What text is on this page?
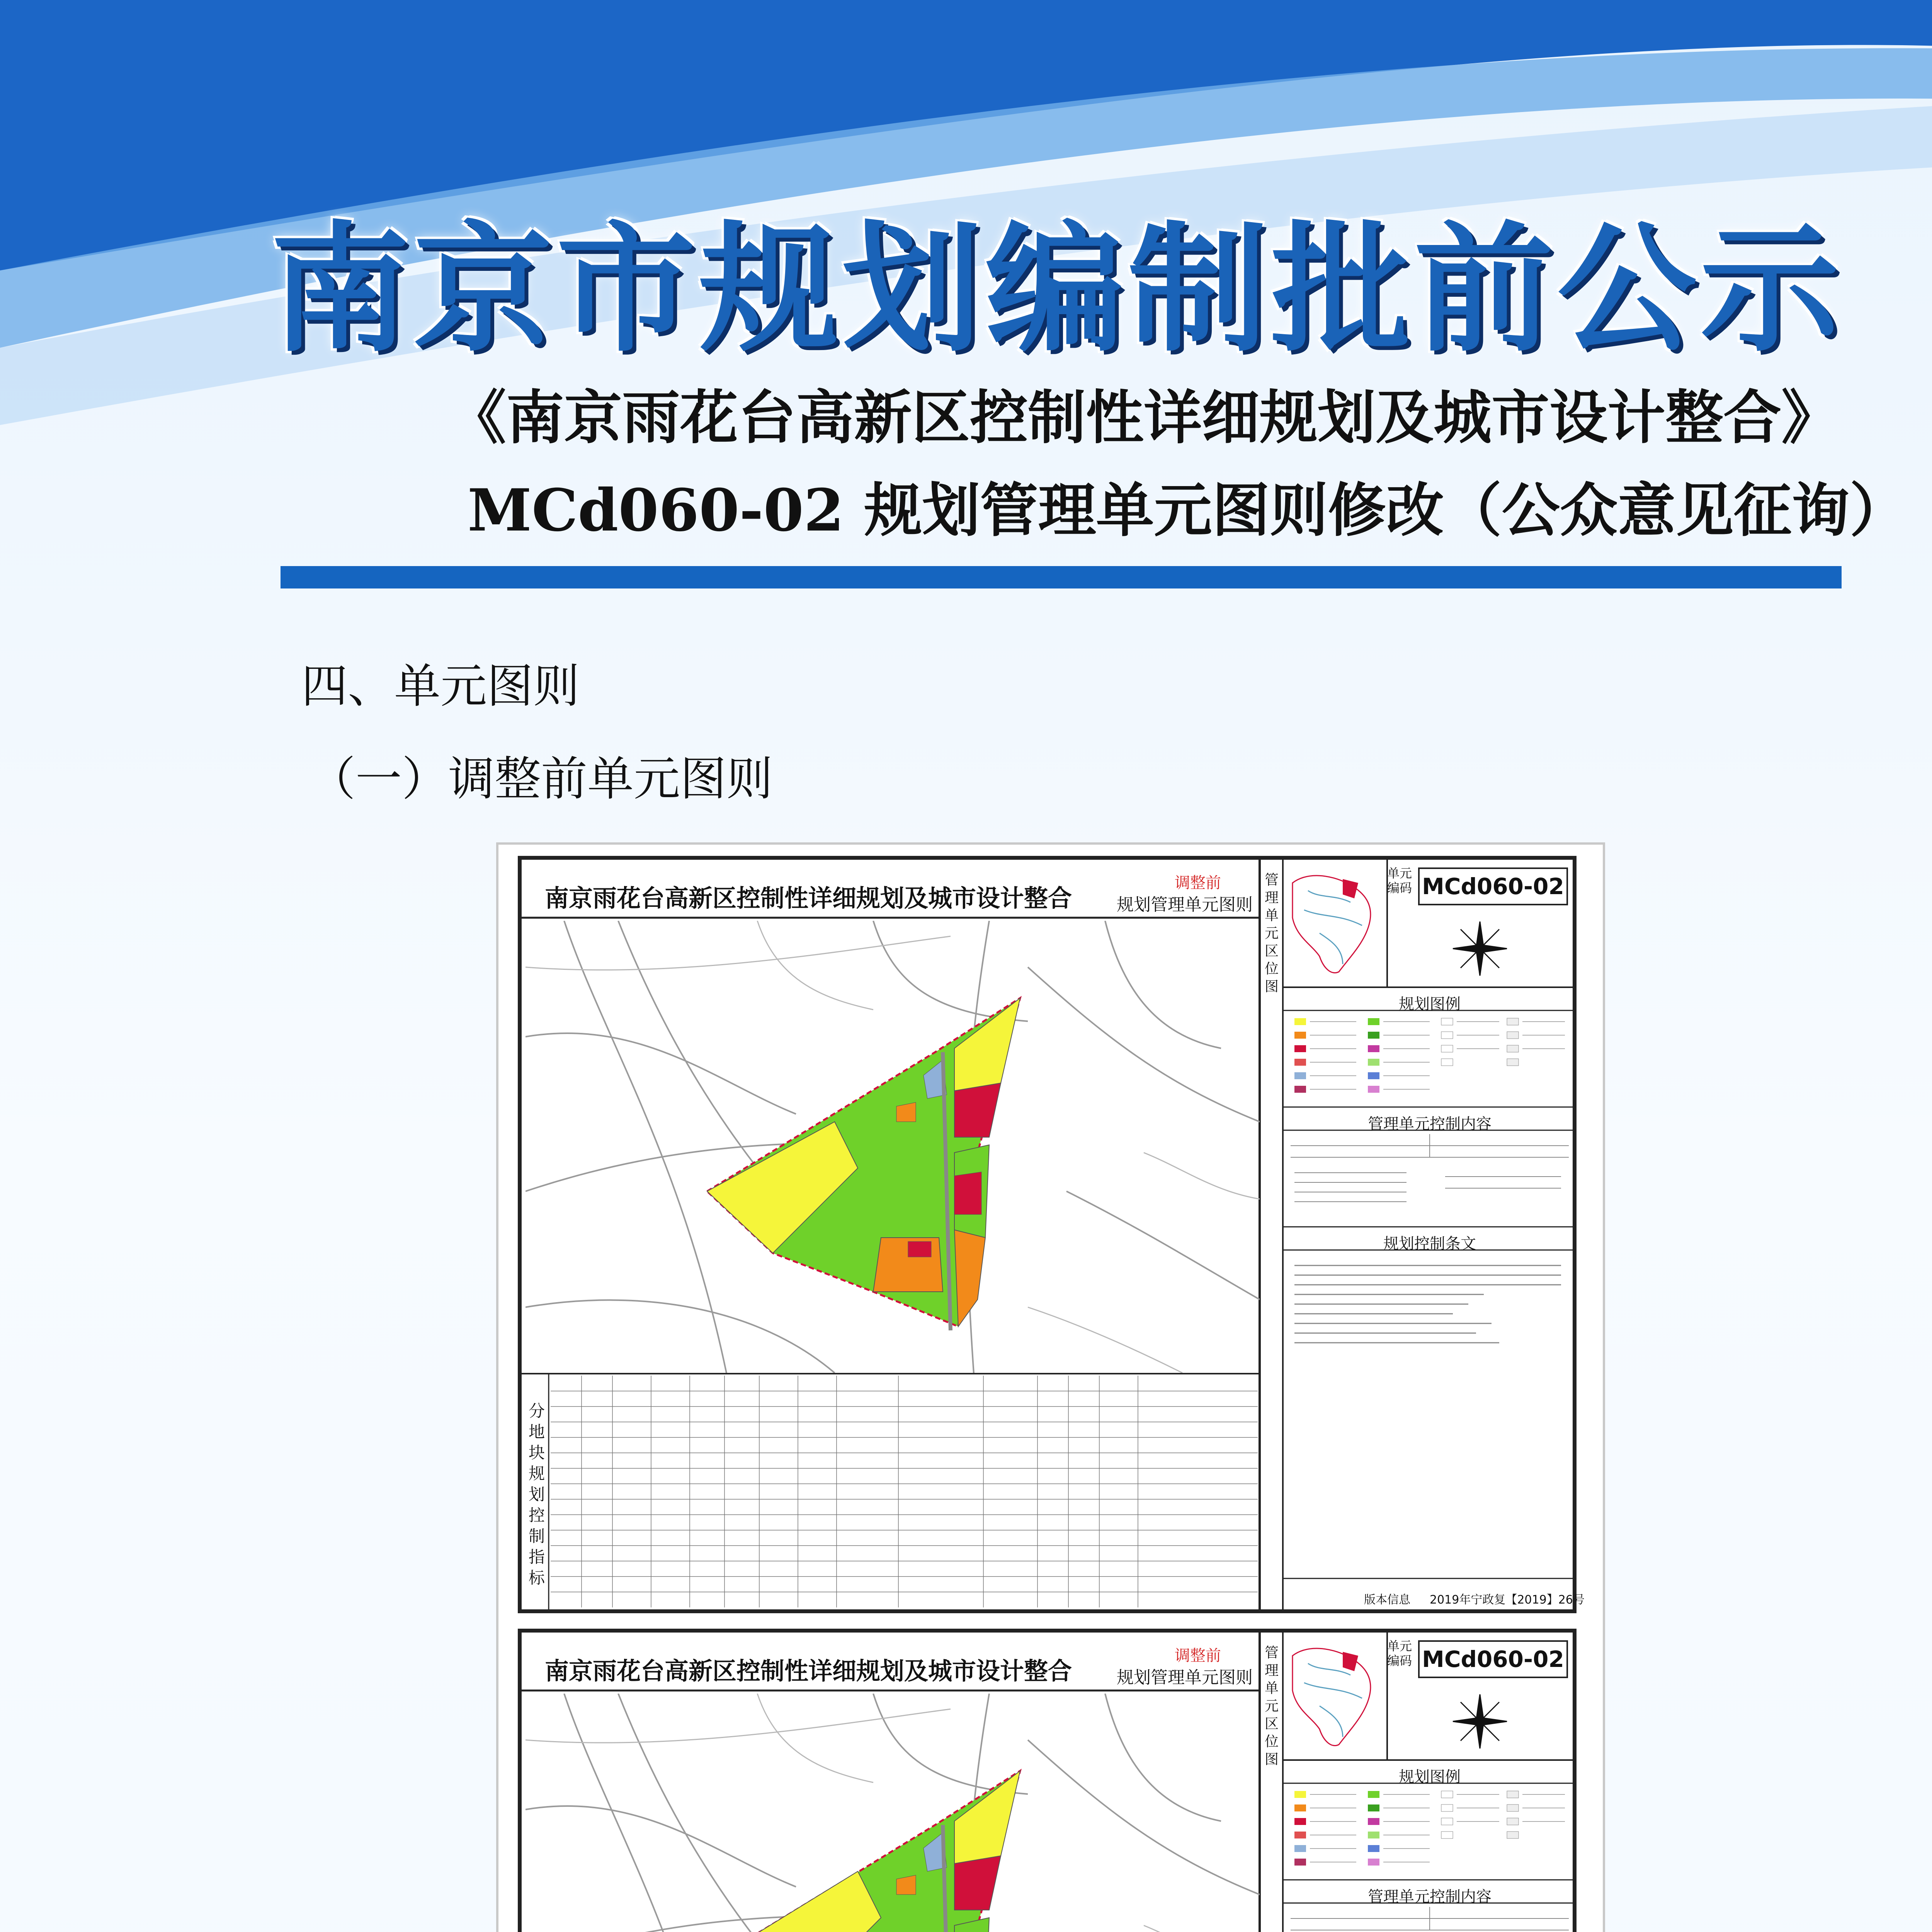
南京市规划编制批前公示
《南京雨花台高新区控制性详细规划及城市设计整合》
MCd060-02 规划管理单元图则修改（公众意见征询）
四、单元图则
（一）调整前单元图则
南京雨花台高新区控制性详细规划及城市设计整合
调整前
规划管理单元图则
管理单元区位图
单元编码 MCd060-02
规划图例
管理单元控制内容
规划控制条文
分地块规划控制指标
版本信息 2019年宁政复【2019】26号
南京雨花台高新区控制性详细规划及城市设计整合
调整前
规划管理单元图则
管理单元区位图
单元编码 MCd060-02
规划图例
管理单元控制内容
